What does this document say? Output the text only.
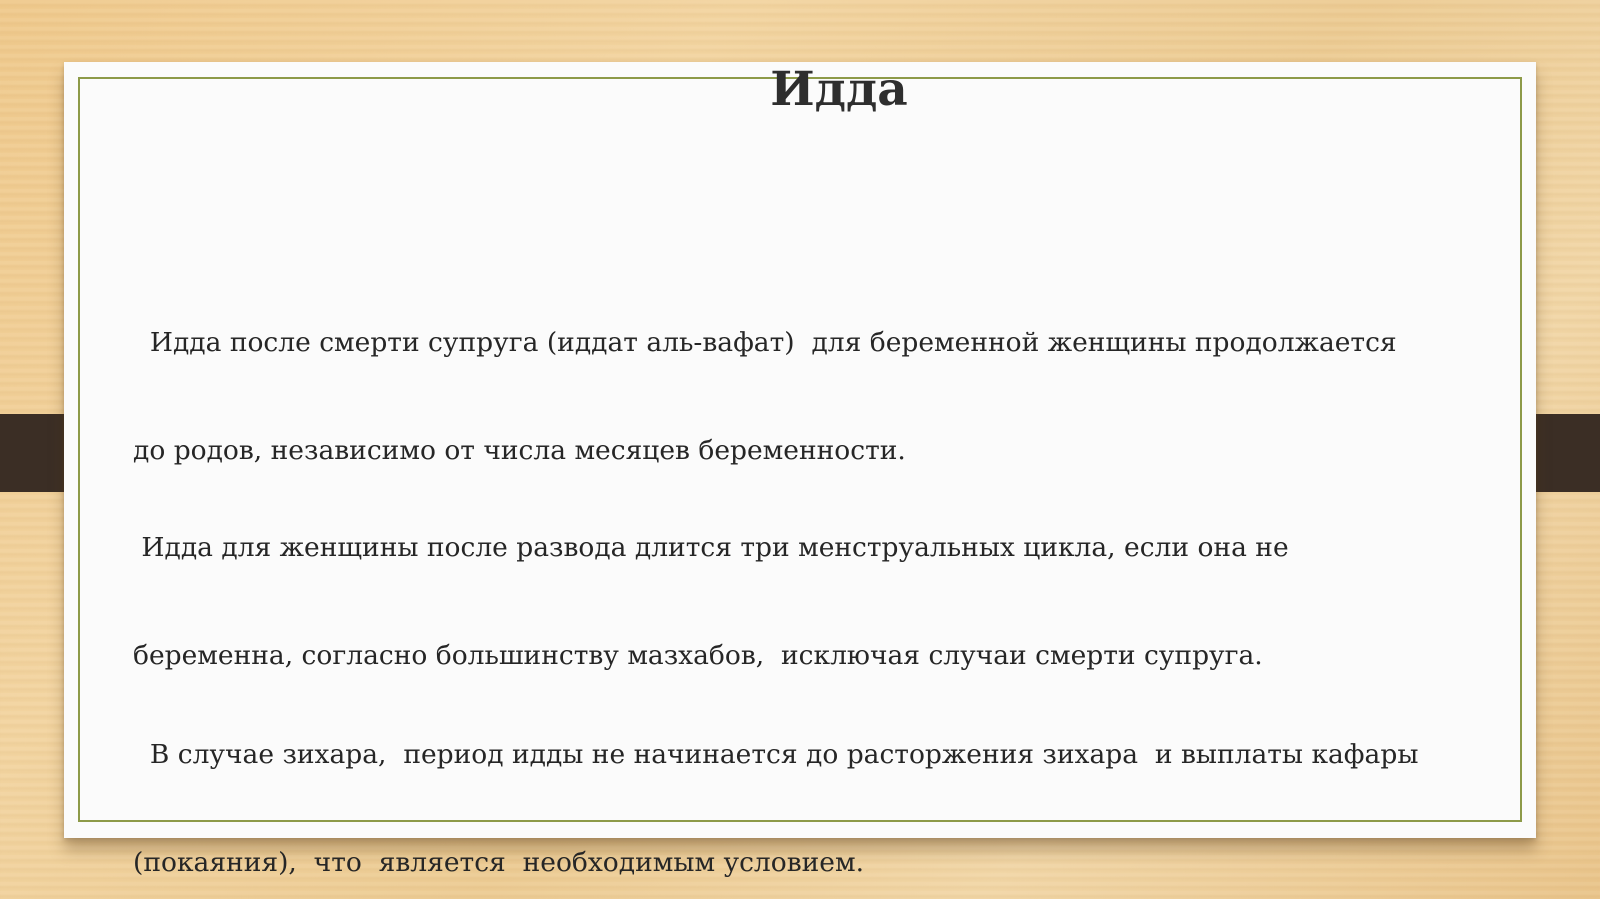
Идда

Идда после смерти супруга (иддат аль-вафат)  для беременной женщины продолжается

до родов, независимо от числа месяцев беременности.

Идда для женщины после развода длится три менструальных цикла, если она не

беременна, согласно большинству мазхабов,  исключая случаи смерти супруга.

В случае зихара,  период идды не начинается до расторжения зихара  и выплаты кафары

(покаяния),  что  является  необходимым условием.
